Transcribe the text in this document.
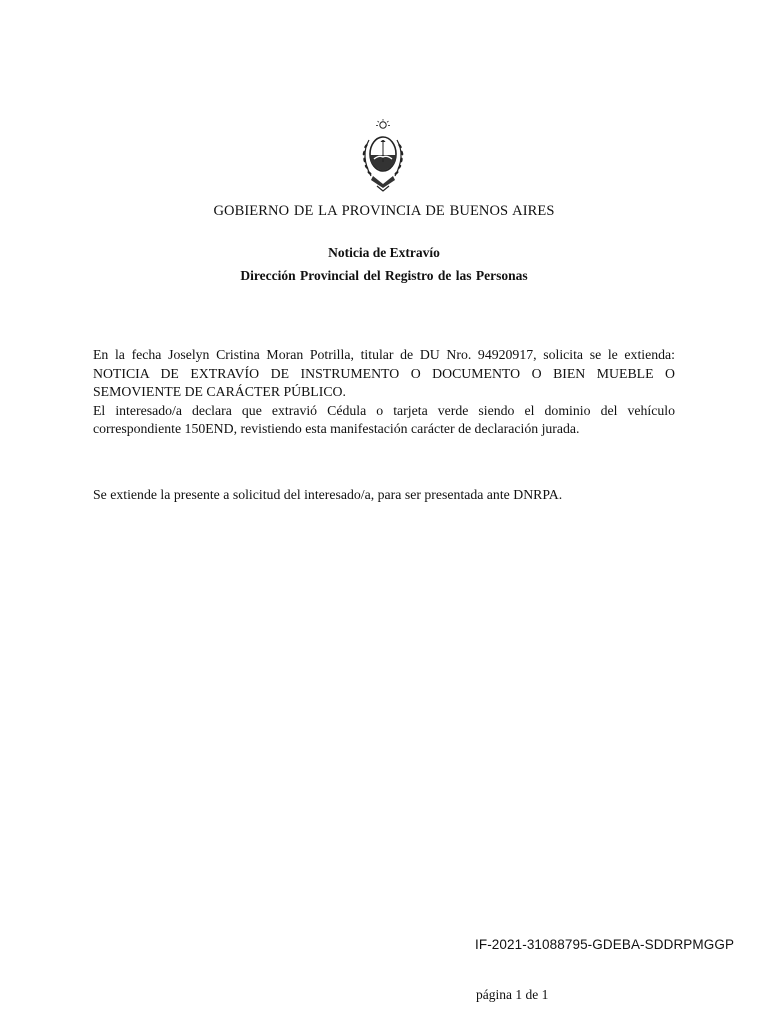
GOBIERNO DE LA PROVINCIA DE BUENOS AIRES
Noticia de Extravío
Dirección Provincial del Registro de las Personas

En la fecha Joselyn Cristina Moran Potrilla, titular de DU Nro. 94920917, solicita se le extienda:

NOTICIA DE EXTRAVÍO DE INSTRUMENTO O DOCUMENTO O BIEN MUEBLE O

SEMOVIENTE DE CARÁCTER PÚBLICO.

El interesado/a declara que extravió Cédula o tarjeta verde siendo el dominio del vehículo

correspondiente 150END, revistiendo esta manifestación carácter de declaración jurada.

Se extiende la presente a solicitud del interesado/a, para ser presentada ante DNRPA.
IF-2021-31088795-GDEBA-SDDRPMGGP
página 1 de 1
